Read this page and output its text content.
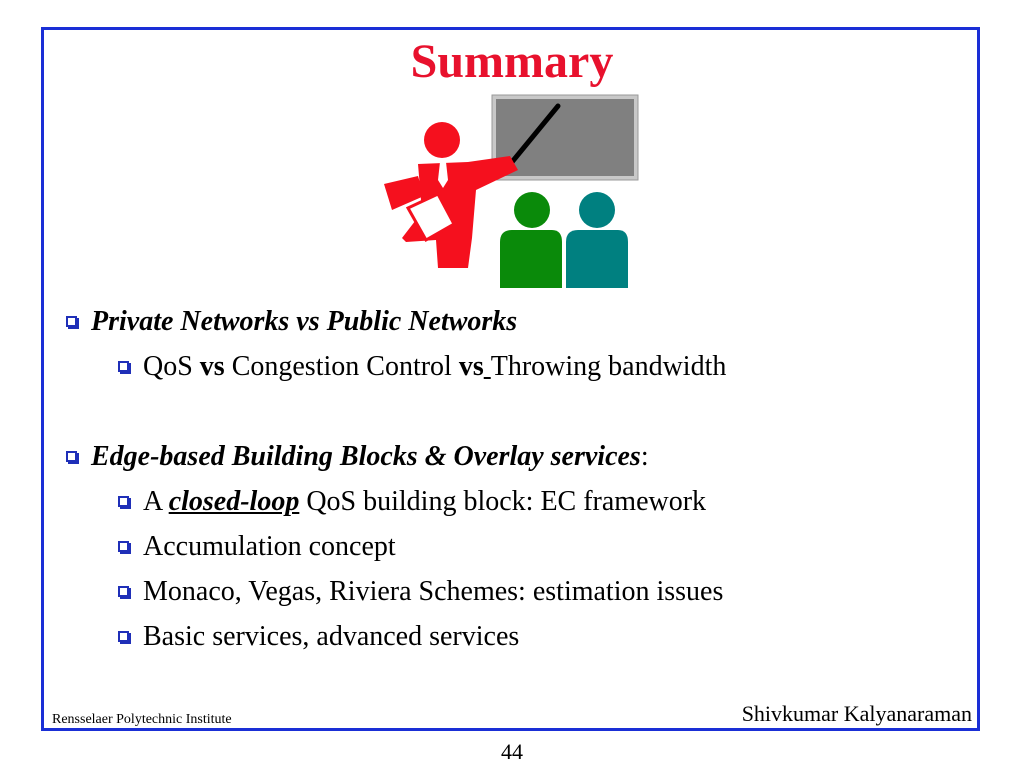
Summary
Private Networks vs Public Networks
QoS vs Congestion Control vs
Throwing bandwidth
Edge-based Building Blocks & Overlay services :
A closed-loop QoS building block: EC framework
Accumulation concept
Monaco, Vegas, Riviera Schemes: estimation issues
Basic services, advanced services
Rensselaer Polytechnic Institute	Shivkumar Kalyanaraman
44
